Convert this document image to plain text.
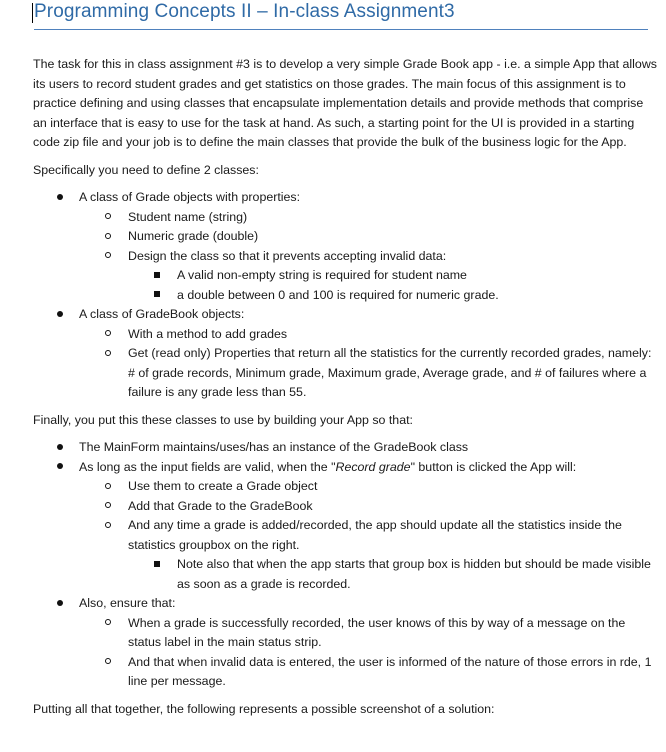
Programming Concepts II – In-class Assignment3

The task for this in class assignment #3 is to develop a very simple Grade Book app - i.e. a simple App that allows its users to record student grades and get statistics on those grades. The main focus of this assignment is to practice defining and using classes that encapsulate implementation details and provide methods that comprise an interface that is easy to use for the task at hand. As such, a starting point for the UI is provided in a starting code zip file and your job is to define the main classes that provide the bulk of the business logic for the App.

Specifically you need to define 2 classes:

A class of Grade objects with properties:
Student name (string)
Numeric grade (double)
Design the class so that it prevents accepting invalid data:
A valid non-empty string is required for student name
a double between 0 and 100 is required for numeric grade.
A class of GradeBook objects:
With a method to add grades
Get (read only) Properties that return all the statistics for the currently recorded grades, namely: # of grade records, Minimum grade, Maximum grade, Average grade, and # of failures where a failure is any grade less than 55.

Finally, you put this these classes to use by building your App so that:

The MainForm maintains/uses/has an instance of the GradeBook class
As long as the input fields are valid, when the "Record grade" button is clicked the App will:
Use them to create a Grade object
Add that Grade to the GradeBook
And any time a grade is added/recorded, the app should update all the statistics inside the statistics groupbox on the right.
Note also that when the app starts that group box is hidden but should be made visible as soon as a grade is recorded.
Also, ensure that:
When a grade is successfully recorded, the user knows of this by way of a message on the status label in the main status strip.
And that when invalid data is entered, the user is informed of the nature of those errors in rde, 1 line per message.

Putting all that together, the following represents a possible screenshot of a solution:
